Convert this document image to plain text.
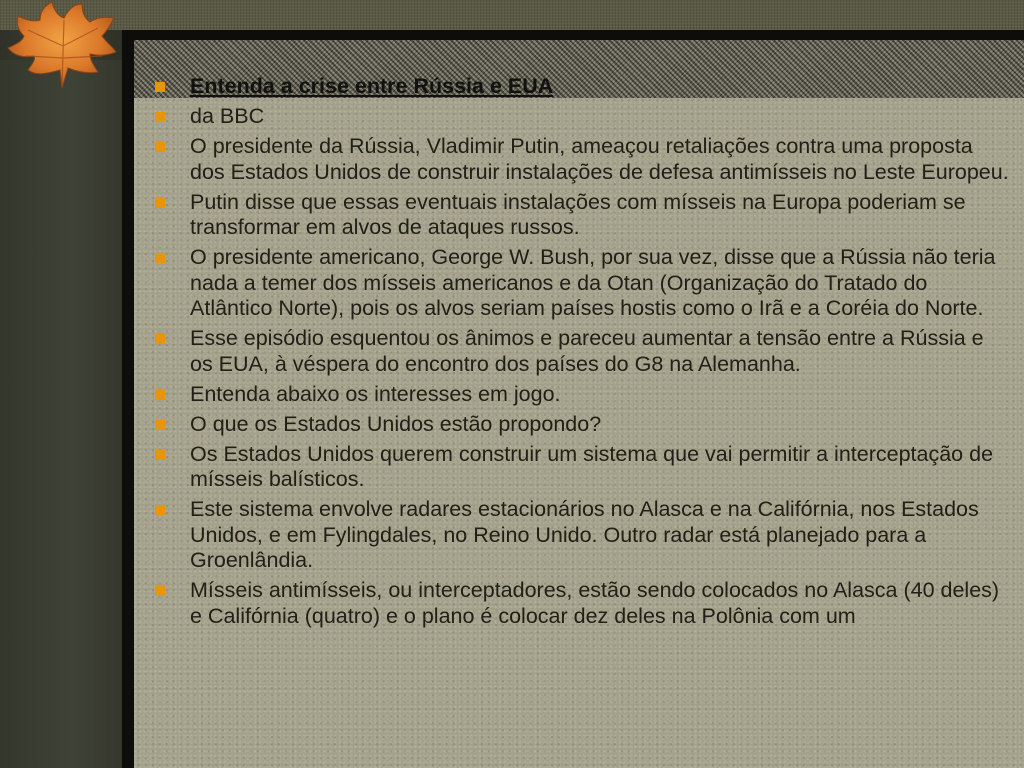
Entenda a crise entre Rússia e EUA
da BBC
O presidente da Rússia, Vladimir Putin, ameaçou retaliações contra uma proposta dos Estados Unidos de construir instalações de defesa antimísseis no Leste Europeu.
Putin disse que essas eventuais instalações com mísseis na Europa poderiam se transformar em alvos de ataques russos.
O presidente americano, George W. Bush, por sua vez, disse que a Rússia não teria nada a temer dos mísseis americanos e da Otan (Organização do Tratado do Atlântico Norte), pois os alvos seriam países hostis como o Irã e a Coréia do Norte.
Esse episódio esquentou os ânimos e pareceu aumentar a tensão entre a Rússia e os EUA, à véspera do encontro dos países do G8 na Alemanha.
Entenda abaixo os interesses em jogo.
O que os Estados Unidos estão propondo?
Os Estados Unidos querem construir um sistema que vai permitir a interceptação de mísseis balísticos.
Este sistema envolve radares estacionários no Alasca e na Califórnia, nos Estados Unidos, e em Fylingdales, no Reino Unido. Outro radar está planejado para a Groenlândia.
Mísseis antimísseis, ou interceptadores, estão sendo colocados no Alasca (40 deles) e Califórnia (quatro) e o plano é colocar dez deles na Polônia com um
